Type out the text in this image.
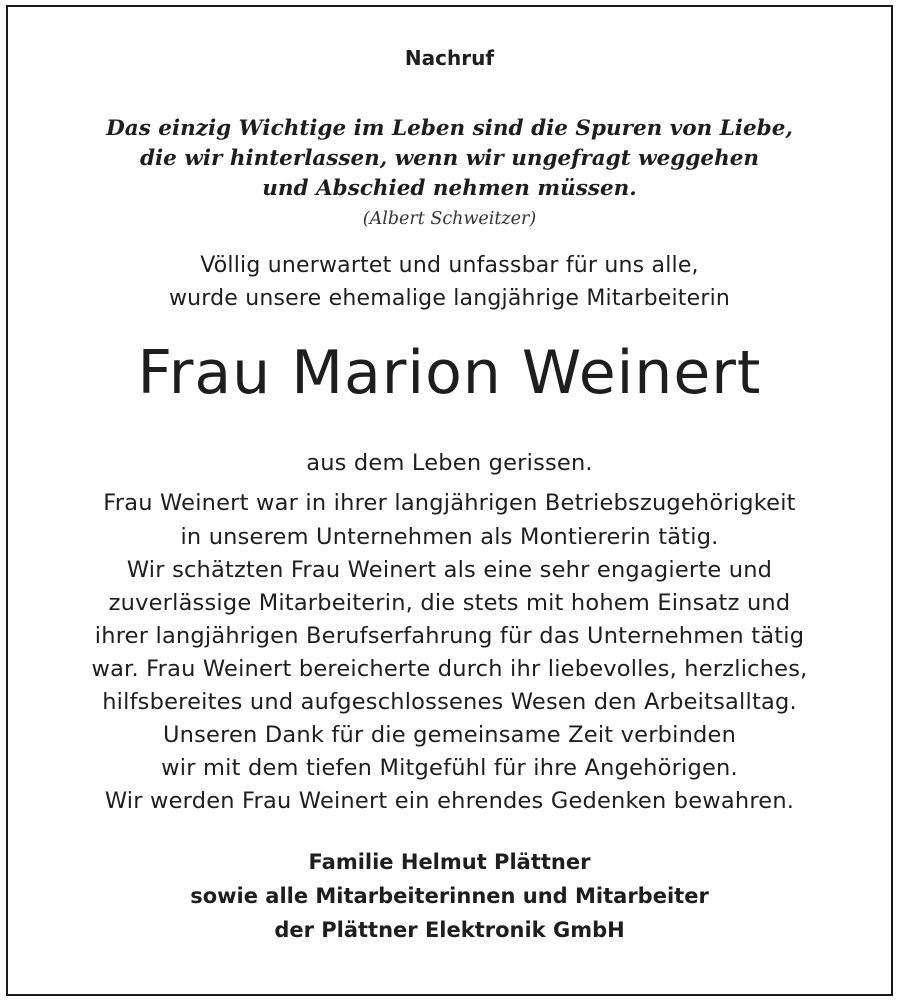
Nachruf
Das einzig Wichtige im Leben sind die Spuren von Liebe,
die wir hinterlassen, wenn wir ungefragt weggehen
und Abschied nehmen müssen.
(Albert Schweitzer)
Völlig unerwartet und unfassbar für uns alle,
wurde unsere ehemalige langjährige Mitarbeiterin
Frau Marion Weinert
aus dem Leben gerissen.
Frau Weinert war in ihrer langjährigen Betriebszugehörigkeit
in unserem Unternehmen als Montiererin tätig.
Wir schätzten Frau Weinert als eine sehr engagierte und
zuverlässige Mitarbeiterin, die stets mit hohem Einsatz und
ihrer langjährigen Berufserfahrung für das Unternehmen tätig
war. Frau Weinert bereicherte durch ihr liebevolles, herzliches,
hilfsbereites und aufgeschlossenes Wesen den Arbeitsalltag.
Unseren Dank für die gemeinsame Zeit verbinden
wir mit dem tiefen Mitgefühl für ihre Angehörigen.
Wir werden Frau Weinert ein ehrendes Gedenken bewahren.
Familie Helmut Plättner
sowie alle Mitarbeiterinnen und Mitarbeiter
der Plättner Elektronik GmbH
